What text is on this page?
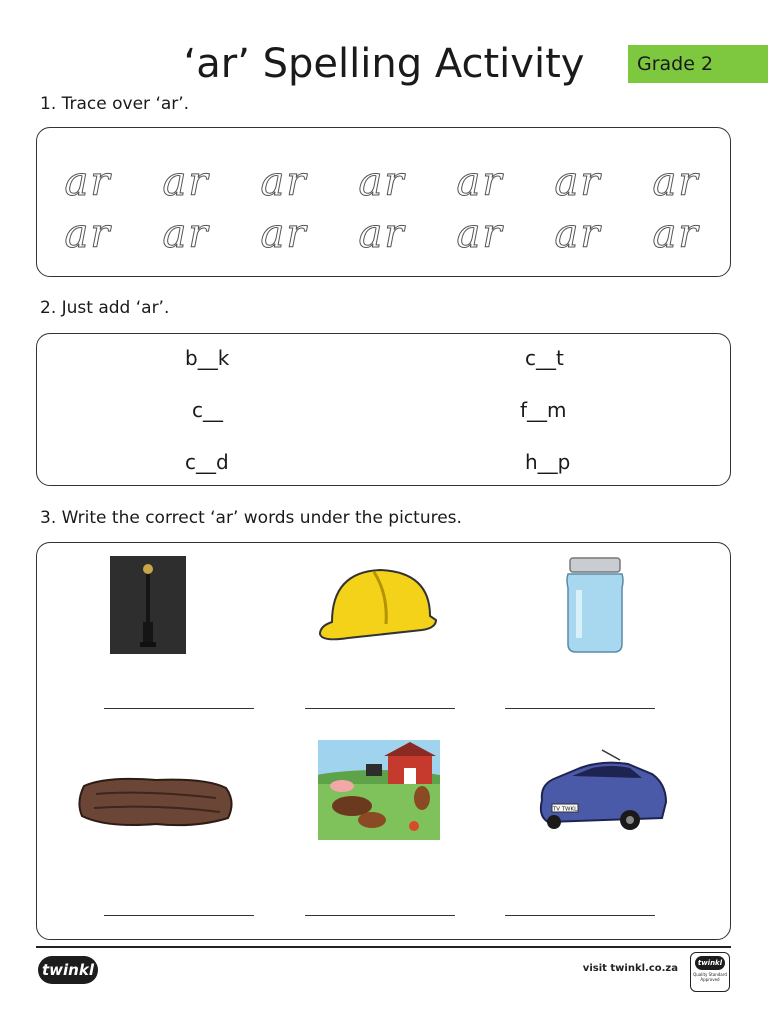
‘ar’ Spelling Activity	Grade 2
1. Trace over ‘ar’.
ar ar ar ar ar ar ar
ar ar ar ar ar ar ar
2. Just add ‘ar’.
b__k	c__t
c__	f__m
c__d	h__p
3. Write the correct ‘ar’ words under the pictures.
TV TWKL
twinkl	visit twinkl.co.za	twinkl
Quality Standard Approved
